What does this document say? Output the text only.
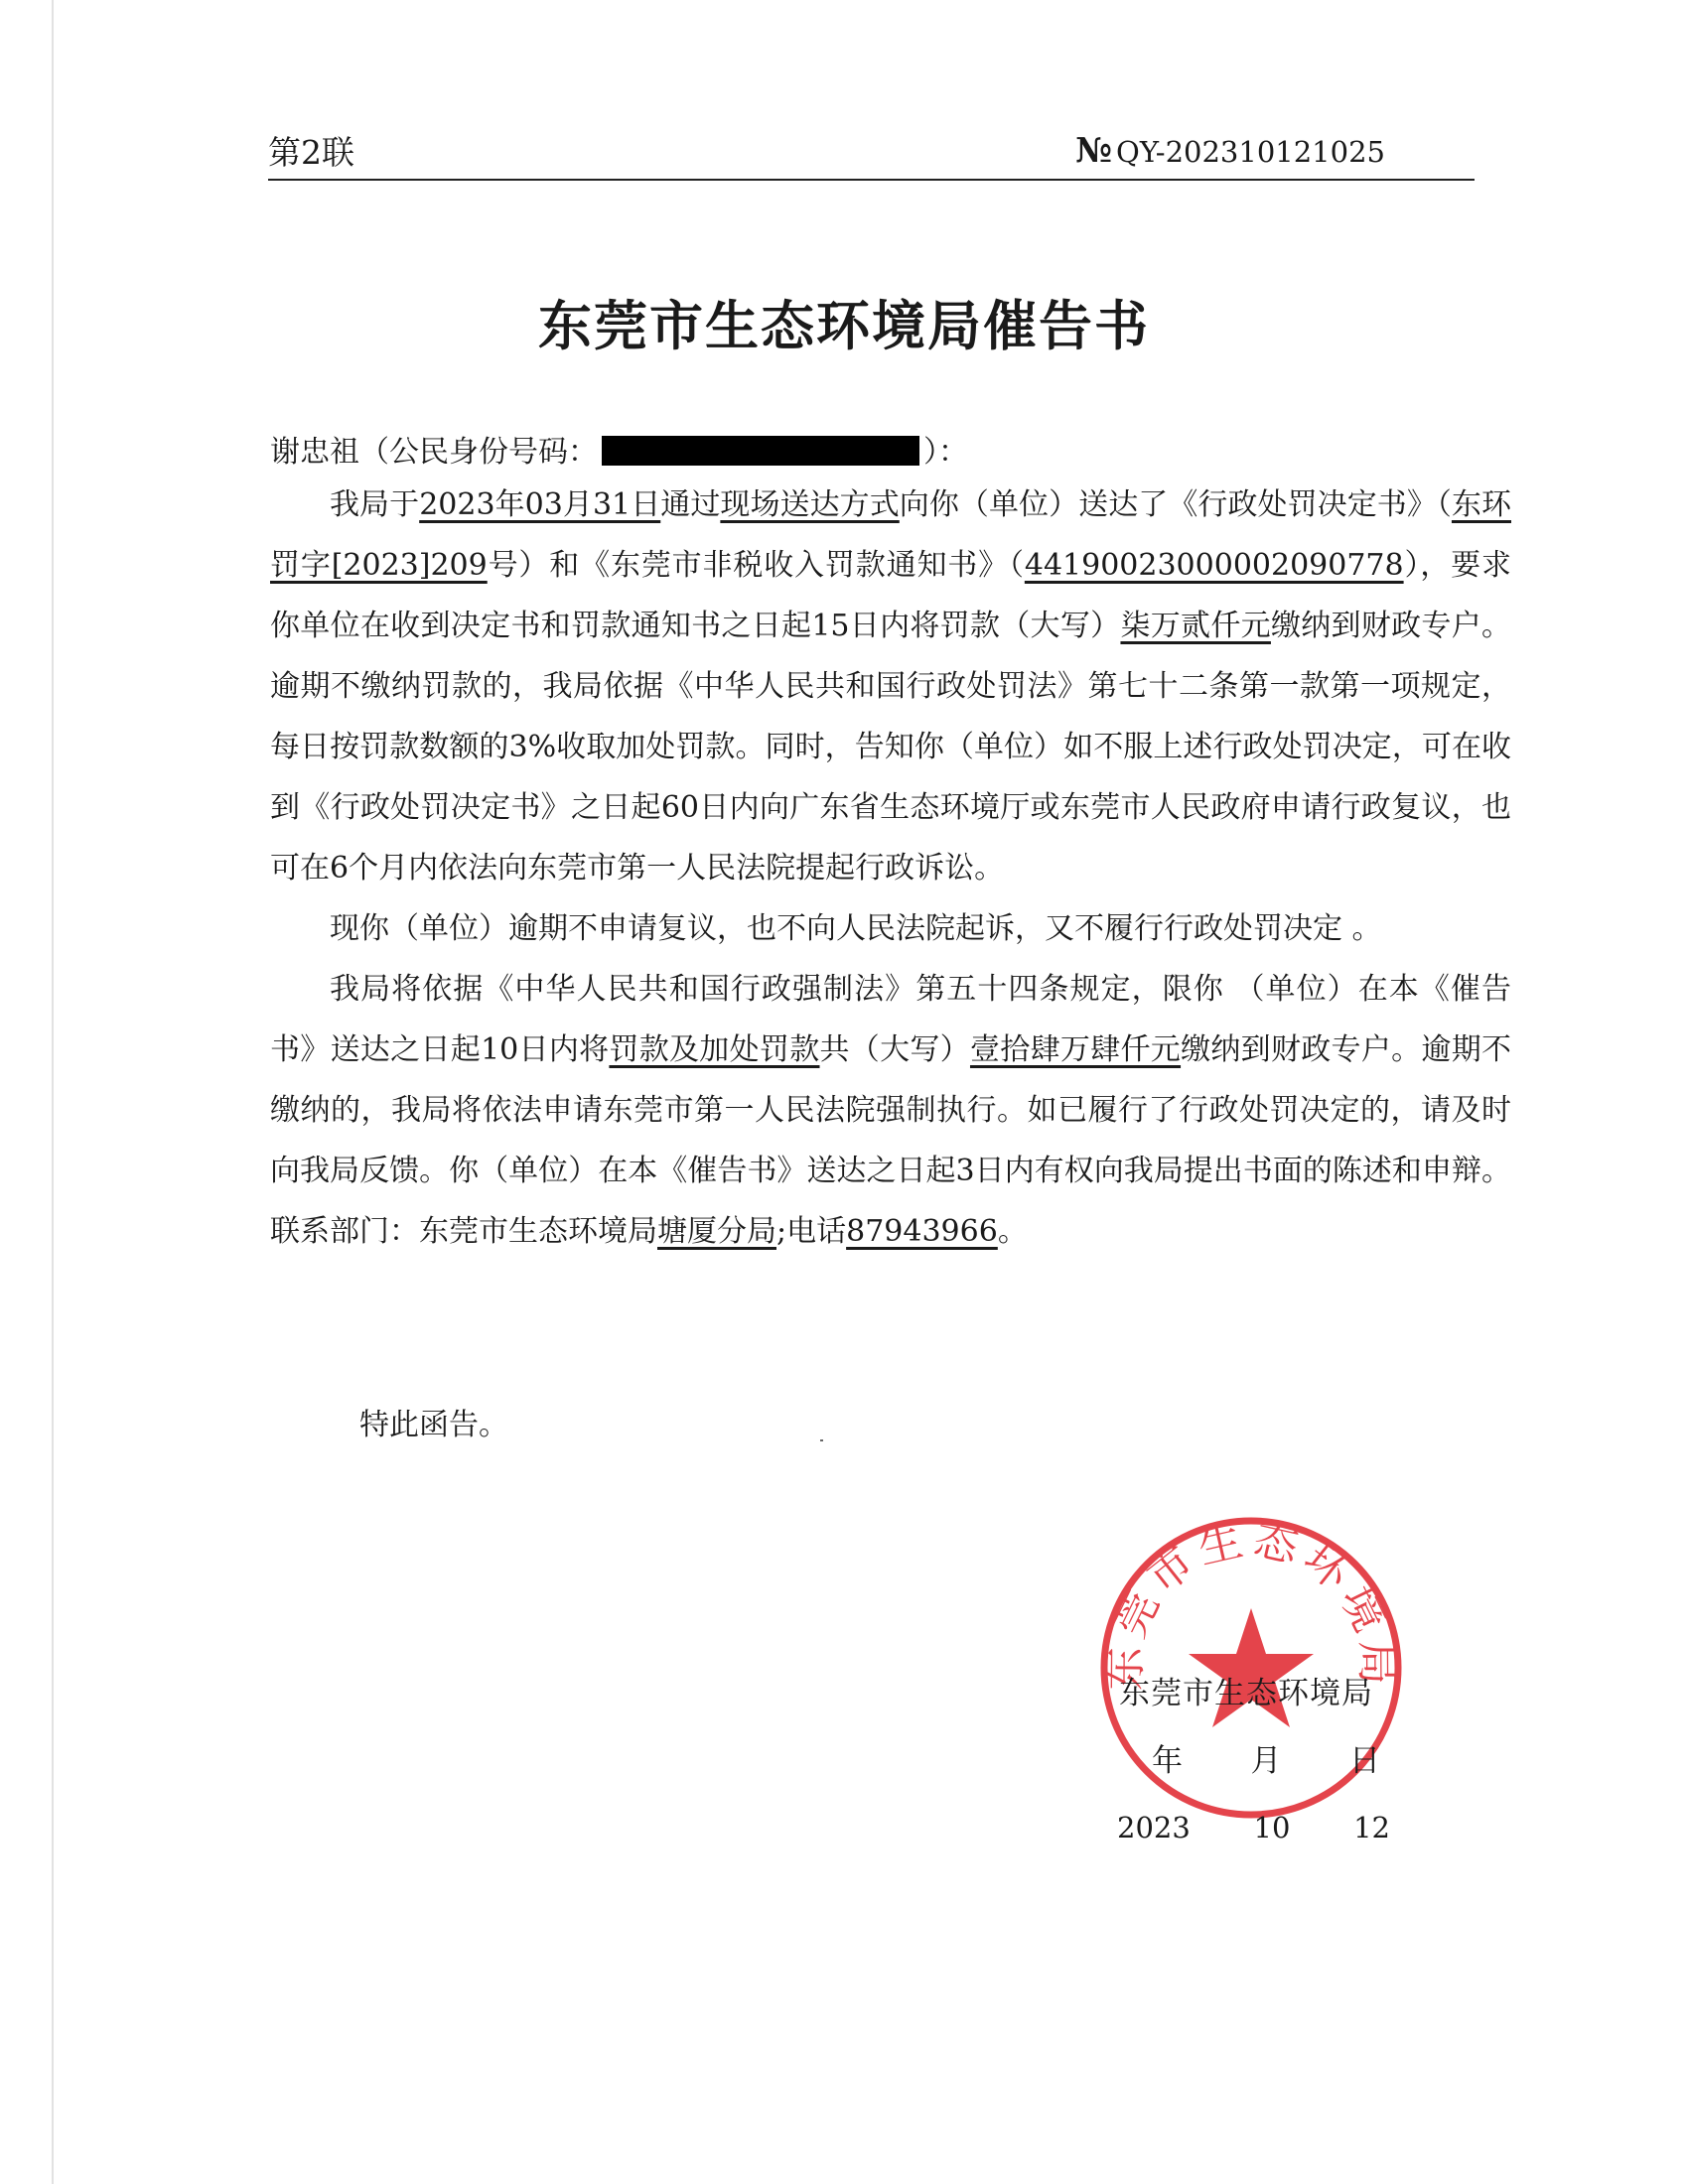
第2联	№ QY-202310121025
东莞市生态环境局催告书
谢忠祖（公民身份号码：	）：

我局于2023年03月31日通过现场送达方式向你（单位）送达了《行政处罚决定书》（东环罚字[2023]209号）和《东莞市非税收入罚款通知书》（4419002300000209077​8），要求你单位在收到决定书和罚款通知书之日起15日内将罚款（大写）柒万贰仟元缴纳到财政专户。逾期不缴纳罚款的，我局依据《中华人民共和国行政处罚法》第七十二条第一款第一项规定，每日按罚款数额的3%收取加处罚款。同时，告知你（单位）如不服上述行政处罚决定，可在收到《行政处罚决定书》之日起60日内向广东省生态环境厅或东莞市人民政府申请行政复议，也可在6个月内依法向东莞市第一人民法院提起行政诉讼。

现你（单位）逾期不申请复议，也不向人民法院起诉，又不履行行政处罚决定 。

我局将依据《中华人民共和国行政强制法》第五十四条规定，限你 （单位）在本《催告书》送达之日起10日内将罚款及加处罚款共（大写）壹拾肆万肆仟元缴纳到财政专户。逾期不缴纳的，我局将依法申请东莞市第一人民法院强制执行。如已履行了行政处罚决定的，请及时向我局反馈。你（单位）在本《催告书》送达之日起3日内有权向我局提出书面的陈述和申辩。 联系部门：东莞市生态环境局塘厦分局;电话87943966。

特此函告。
东莞市生态环境局
东莞市生态环境局
年 月 日
2023 10 12
